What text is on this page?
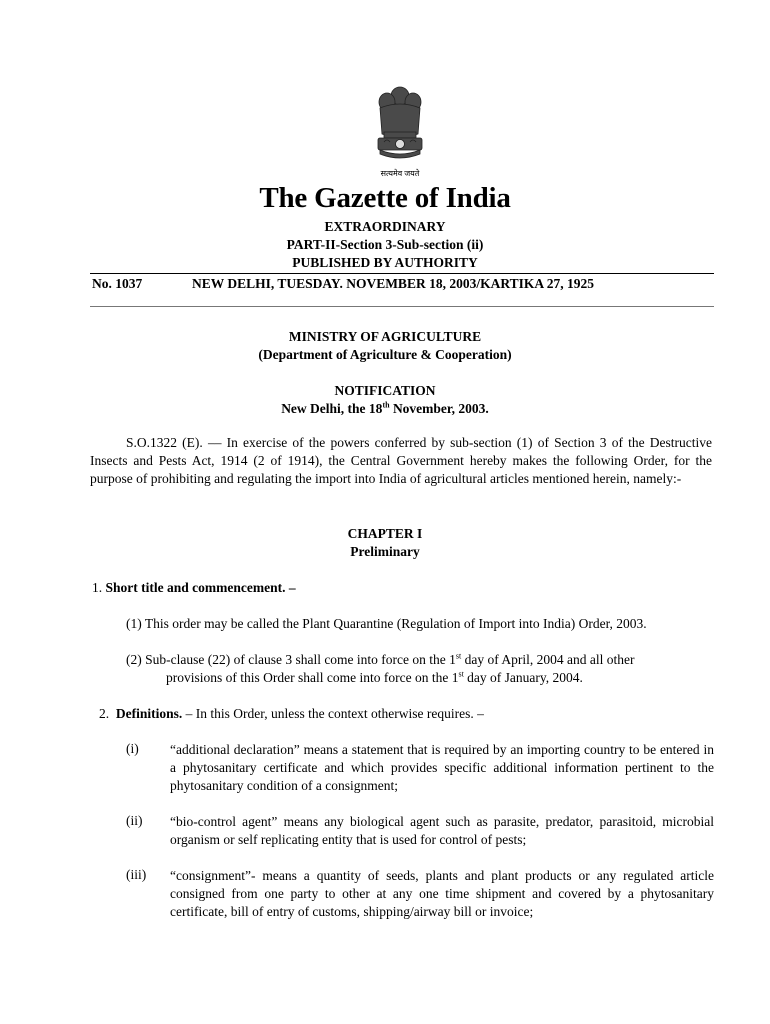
सत्यमेव जयते
The Gazette of India
EXTRAORDINARY
PART-II-Section 3-Sub-section (ii)
PUBLISHED BY AUTHORITY
No. 1037	NEW DELHI, TUESDAY. NOVEMBER 18, 2003/KARTIKA 27, 1925
MINISTRY OF AGRICULTURE
(Department of Agriculture & Cooperation)
NOTIFICATION
New Delhi, the 18th November, 2003.
S.O.1322 (E). –– In exercise of the powers conferred by sub-section (1) of Section 3 of the Destructive Insects and Pests Act, 1914 (2 of 1914), the Central Government hereby makes the following Order, for the purpose of prohibiting and regulating the import into India of agricultural articles mentioned herein, namely:-
CHAPTER I
Preliminary
1. Short title and commencement. –
(1) This order may be called the Plant Quarantine (Regulation of Import into India) Order, 2003.
(2) Sub-clause (22) of clause 3 shall come into force on the 1st day of April, 2004 and all other
provisions of this Order shall come into force on the 1st day of January, 2004.
2. Definitions. – In this Order, unless the context otherwise requires. –
(i) “additional declaration” means a statement that is required by an importing country to be entered in a phytosanitary certificate and which provides specific additional information pertinent to the phytosanitary condition of a consignment;
(ii) “bio-control agent” means any biological agent such as parasite, predator, parasitoid, microbial organism or self replicating entity that is used for control of pests;
(iii) “consignment”- means a quantity of seeds, plants and plant products or any regulated article consigned from one party to other at any one time shipment and covered by a phytosanitary certificate, bill of entry of customs, shipping/airway bill or invoice;
